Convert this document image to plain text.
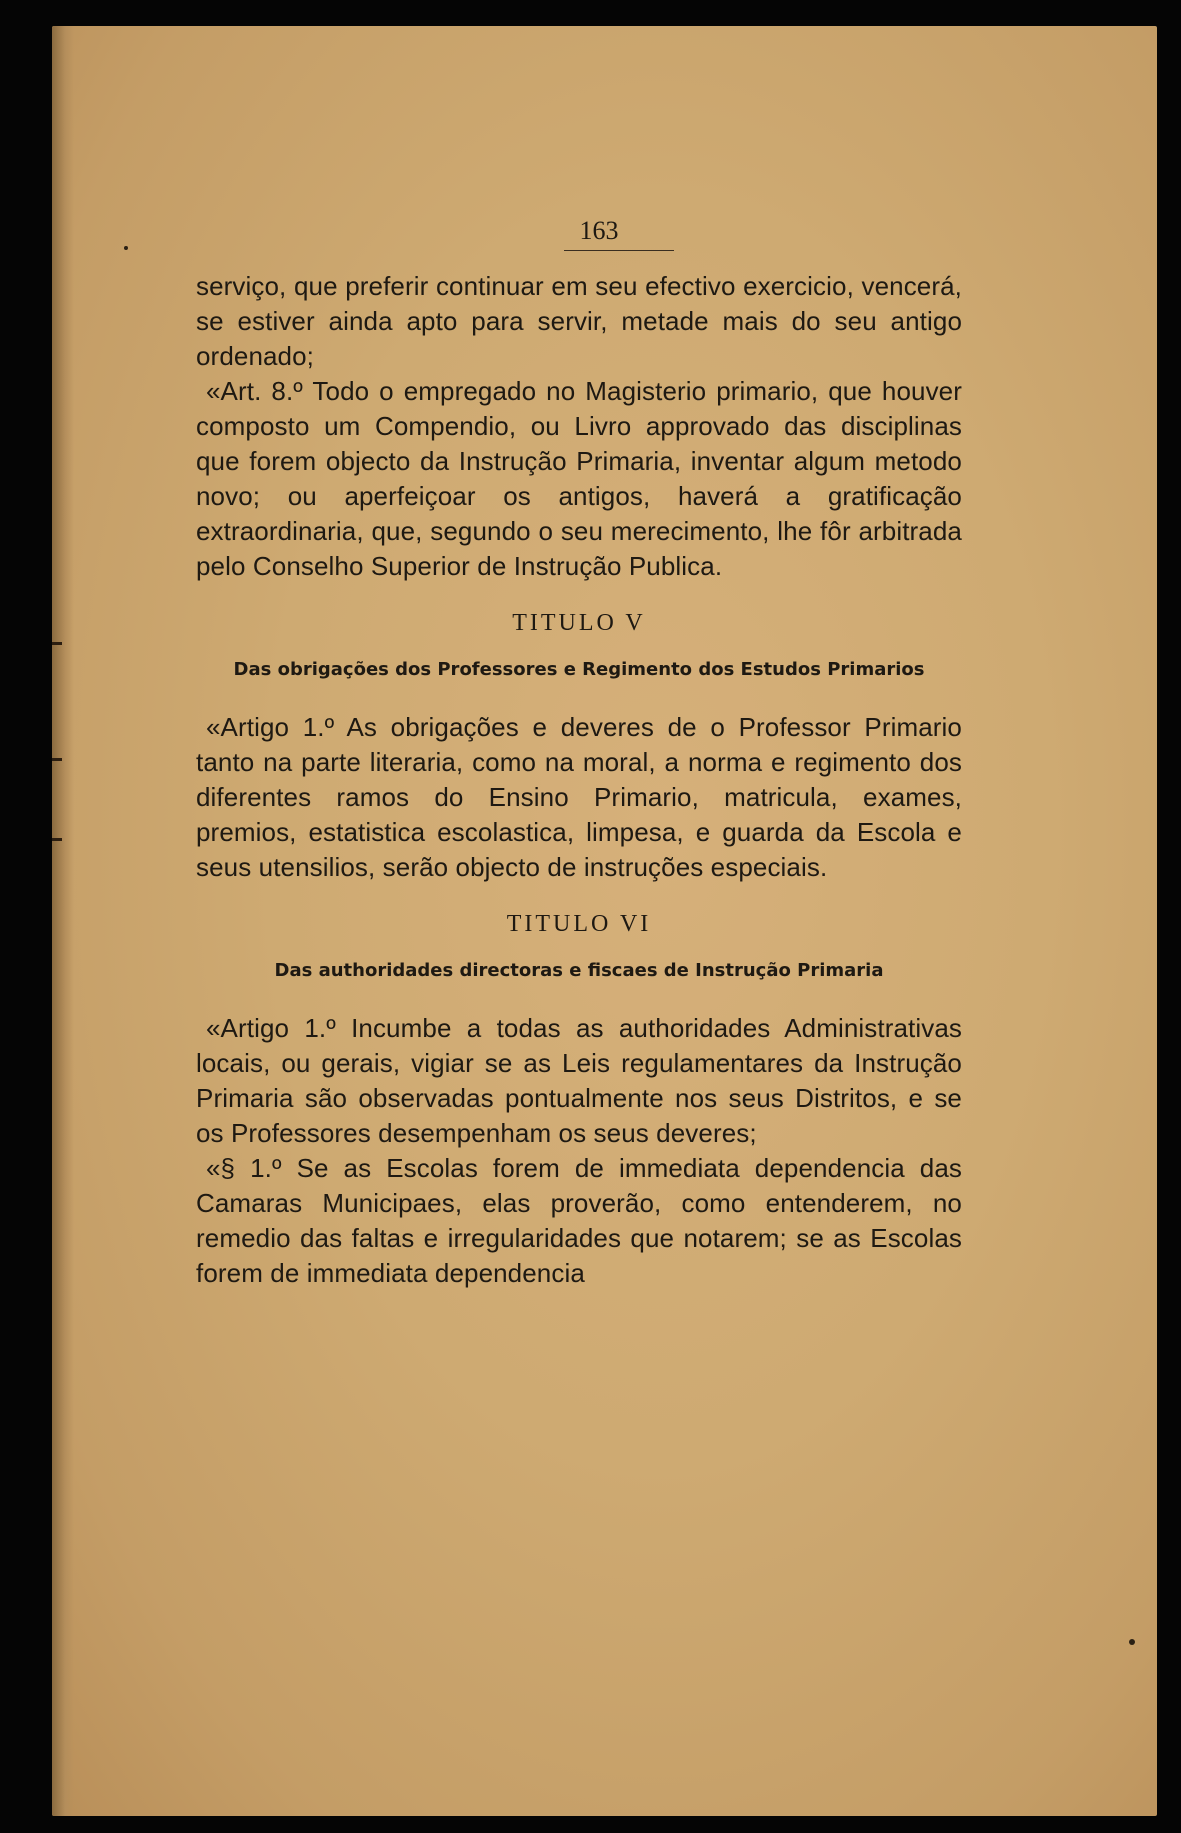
163

serviço, que preferir continuar em seu efectivo exercicio, vencerá, se estiver ainda apto para servir, metade mais do seu antigo ordenado;

«Art. 8.º Todo o empregado no Magisterio primario, que houver composto um Compendio, ou Livro approvado das disciplinas que forem objecto da Instrução Primaria, inventar algum metodo novo; ou aperfeiçoar os antigos, haverá a gratificação extraordinaria, que, segundo o seu merecimento, lhe fôr arbitrada pelo Conselho Superior de Instrução Publica.

TITULO V
Das obrigações dos Professores e Regimento dos Estudos Primarios

«Artigo 1.º As obrigações e deveres de o Professor Primario tanto na parte literaria, como na moral, a norma e regimento dos diferentes ramos do Ensino Primario, matricula, exames, premios, estatistica escolastica, limpesa, e guarda da Escola e seus utensilios, serão objecto de instruções especiais.

TITULO VI
Das authoridades directoras e fiscaes de Instrução Primaria

«Artigo 1.º Incumbe a todas as authoridades Administrativas locais, ou gerais, vigiar se as Leis regulamentares da Instrução Primaria são observadas pontualmente nos seus Distritos, e se os Professores desempenham os seus deveres;

«§ 1.º Se as Escolas forem de immediata dependencia das Camaras Municipaes, elas proverão, como entenderem, no remedio das faltas e irregularidades que notarem; se as Escolas forem de immediata dependencia
